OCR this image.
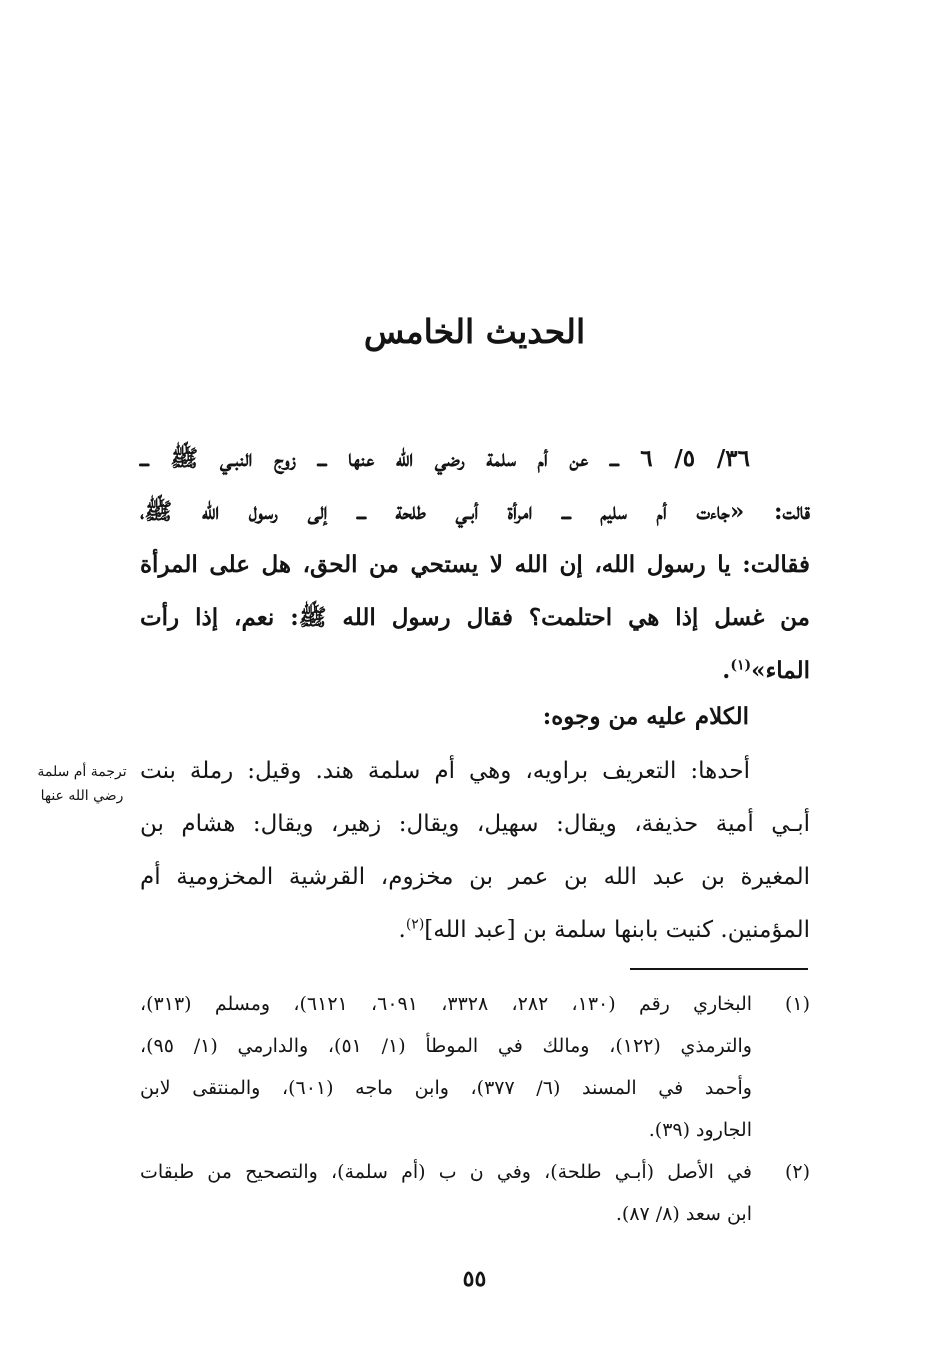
الحديث الخامس
٣٦/ ٥/ ٦ ـــ عن أم سلمة رضي الله عنها ـــ زوج النبـي ﷺ ـــ
قالت: «جاءت أم سليم ـــ امرأة أبـي طلحة ـــ إلى رسول الله ﷺ،
فقالت: يا رسول الله، إن الله لا يستحي من الحق، هل على المرأة
من غسل إذا هي احتلمت؟ فقال رسول الله ﷺ: نعم، إذا رأت
الماء»$^{(١)}$.
الكلام عليه من وجوه:
أحدها: التعريف براويه، وهي أم سلمة هند. وقيل: رملة بنت
أبـي أمية حذيفة، ويقال: سهيل، ويقال: زهير، ويقال: هشام بن
المغيرة بن عبد الله بن عمر بن مخزوم، القرشية المخزومية أم
المؤمنين. كنيت بابنها سلمة بن [عبد الله]$^{(٢)}$.
ترجمة أم سلمة
رضي الله عنها
(١)
البخاري رقم (١٣٠، ٢٨٢، ٣٣٢٨، ٦٠٩١، ٦١٢١)، ومسلم (٣١٣)،
والترمذي (١٢٢)، ومالك في الموطأ (١/ ٥١)، والدارمي (١/ ٩٥)،
وأحمد في المسند (٦/ ٣٧٧)، وابن ماجه (٦٠١)، والمنتقى لابن
الجارود (٣٩).
(٢)
في الأصل (أبـي طلحة)، وفي ن ب (أم سلمة)، والتصحيح من طبقات
ابن سعد (٨/ ٨٧).
٥٥
